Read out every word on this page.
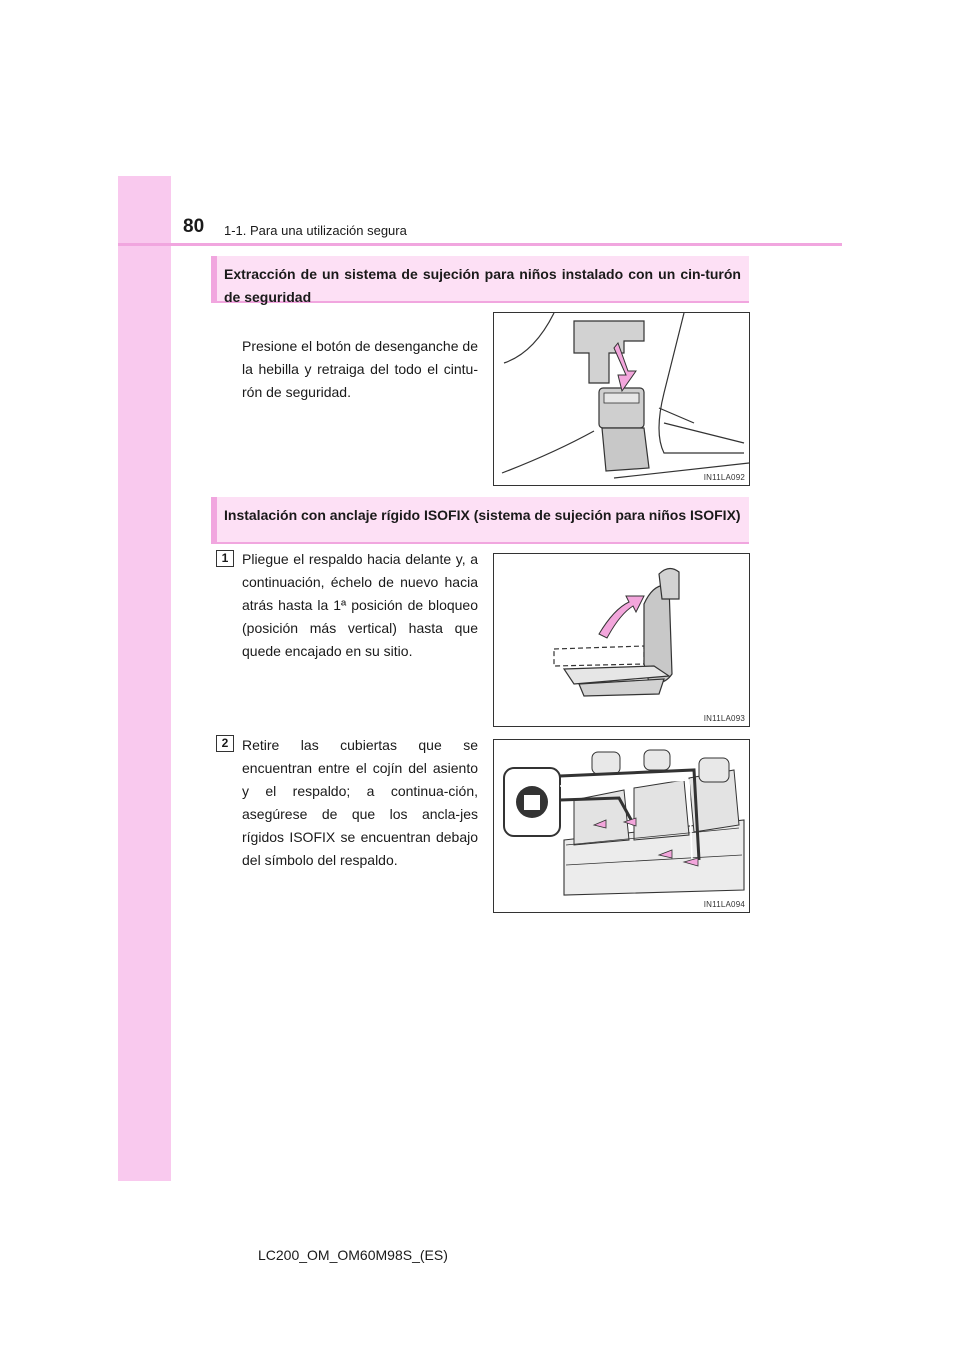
80 1-1. Para una utilización segura
Extracción de un sistema de sujeción para niños instalado con un cin-turón de seguridad

Presione el botón de desenganche de la hebilla y retraiga del todo el cintu-rón de seguridad.

IN11LA092
Instalación con anclaje rígido ISOFIX (sistema de sujeción para niños ISOFIX)
1 Pliegue el respaldo hacia delante y, a continuación, échelo de nuevo hacia atrás hasta la 1ª posición de bloqueo (posición más vertical) hasta que quede encajado en su sitio.

IN11LA093
2 Retire las cubiertas que se encuentran entre el cojín del asiento y el respaldo; a continua-ción, asegúrese de que los ancla-jes rígidos ISOFIX se encuentran debajo del símbolo del respaldo.

IN11LA094
LC200_OM_OM60M98S_(ES)
